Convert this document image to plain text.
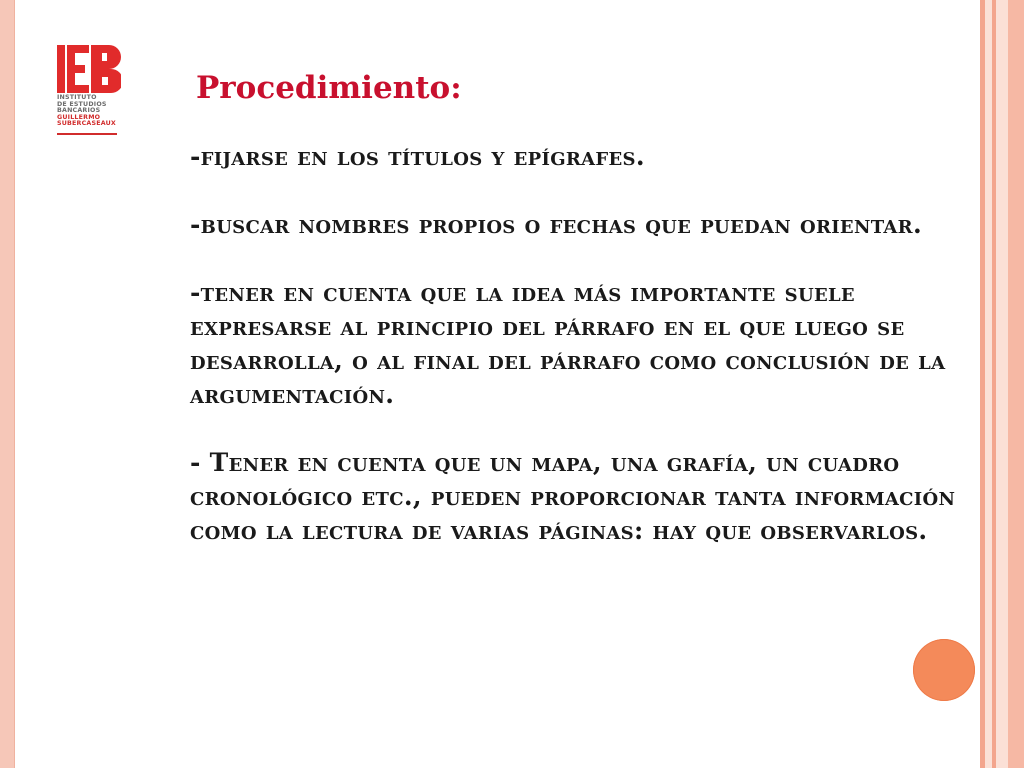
INSTITUTO
DE ESTUDIOS
BANCARIOS
GUILLERMO
SUBERCASEAUX
Procedimiento:

-fijarse en los títulos y epígrafes.

-buscar nombres propios o fechas que puedan orientar.

-tener en cuenta que la idea más importante suele expresarse al principio del párrafo en el que luego se desarrolla, o al final del párrafo como conclusión de la argumentación.

- Tener en cuenta que un mapa, una grafía, un cuadro cronológico etc., pueden proporcionar tanta información como la lectura de varias páginas: hay que observarlos.
